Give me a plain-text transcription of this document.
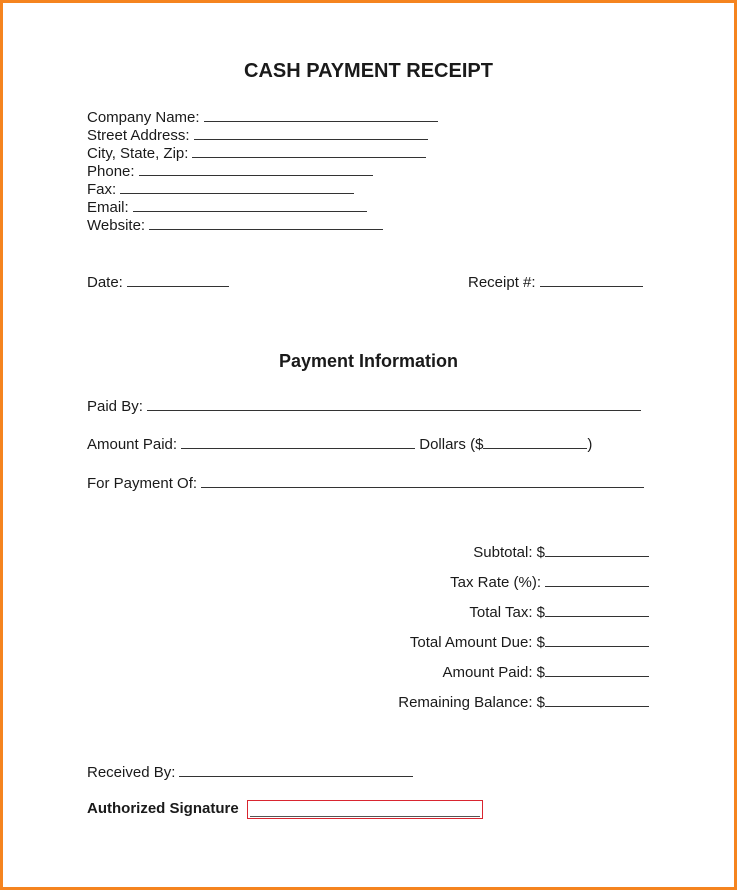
CASH PAYMENT RECEIPT
Company Name:
Street Address:
City, State, Zip:
Phone:
Fax:
Email:
Website:
Date:	Receipt #:
Payment Information
Paid By:
Amount Paid:	Dollars ($	)
For Payment Of:
Subtotal: $
Tax Rate (%):
Total Tax: $
Total Amount Due: $
Amount Paid: $
Remaining Balance: $
Received By:
Authorized Signature
